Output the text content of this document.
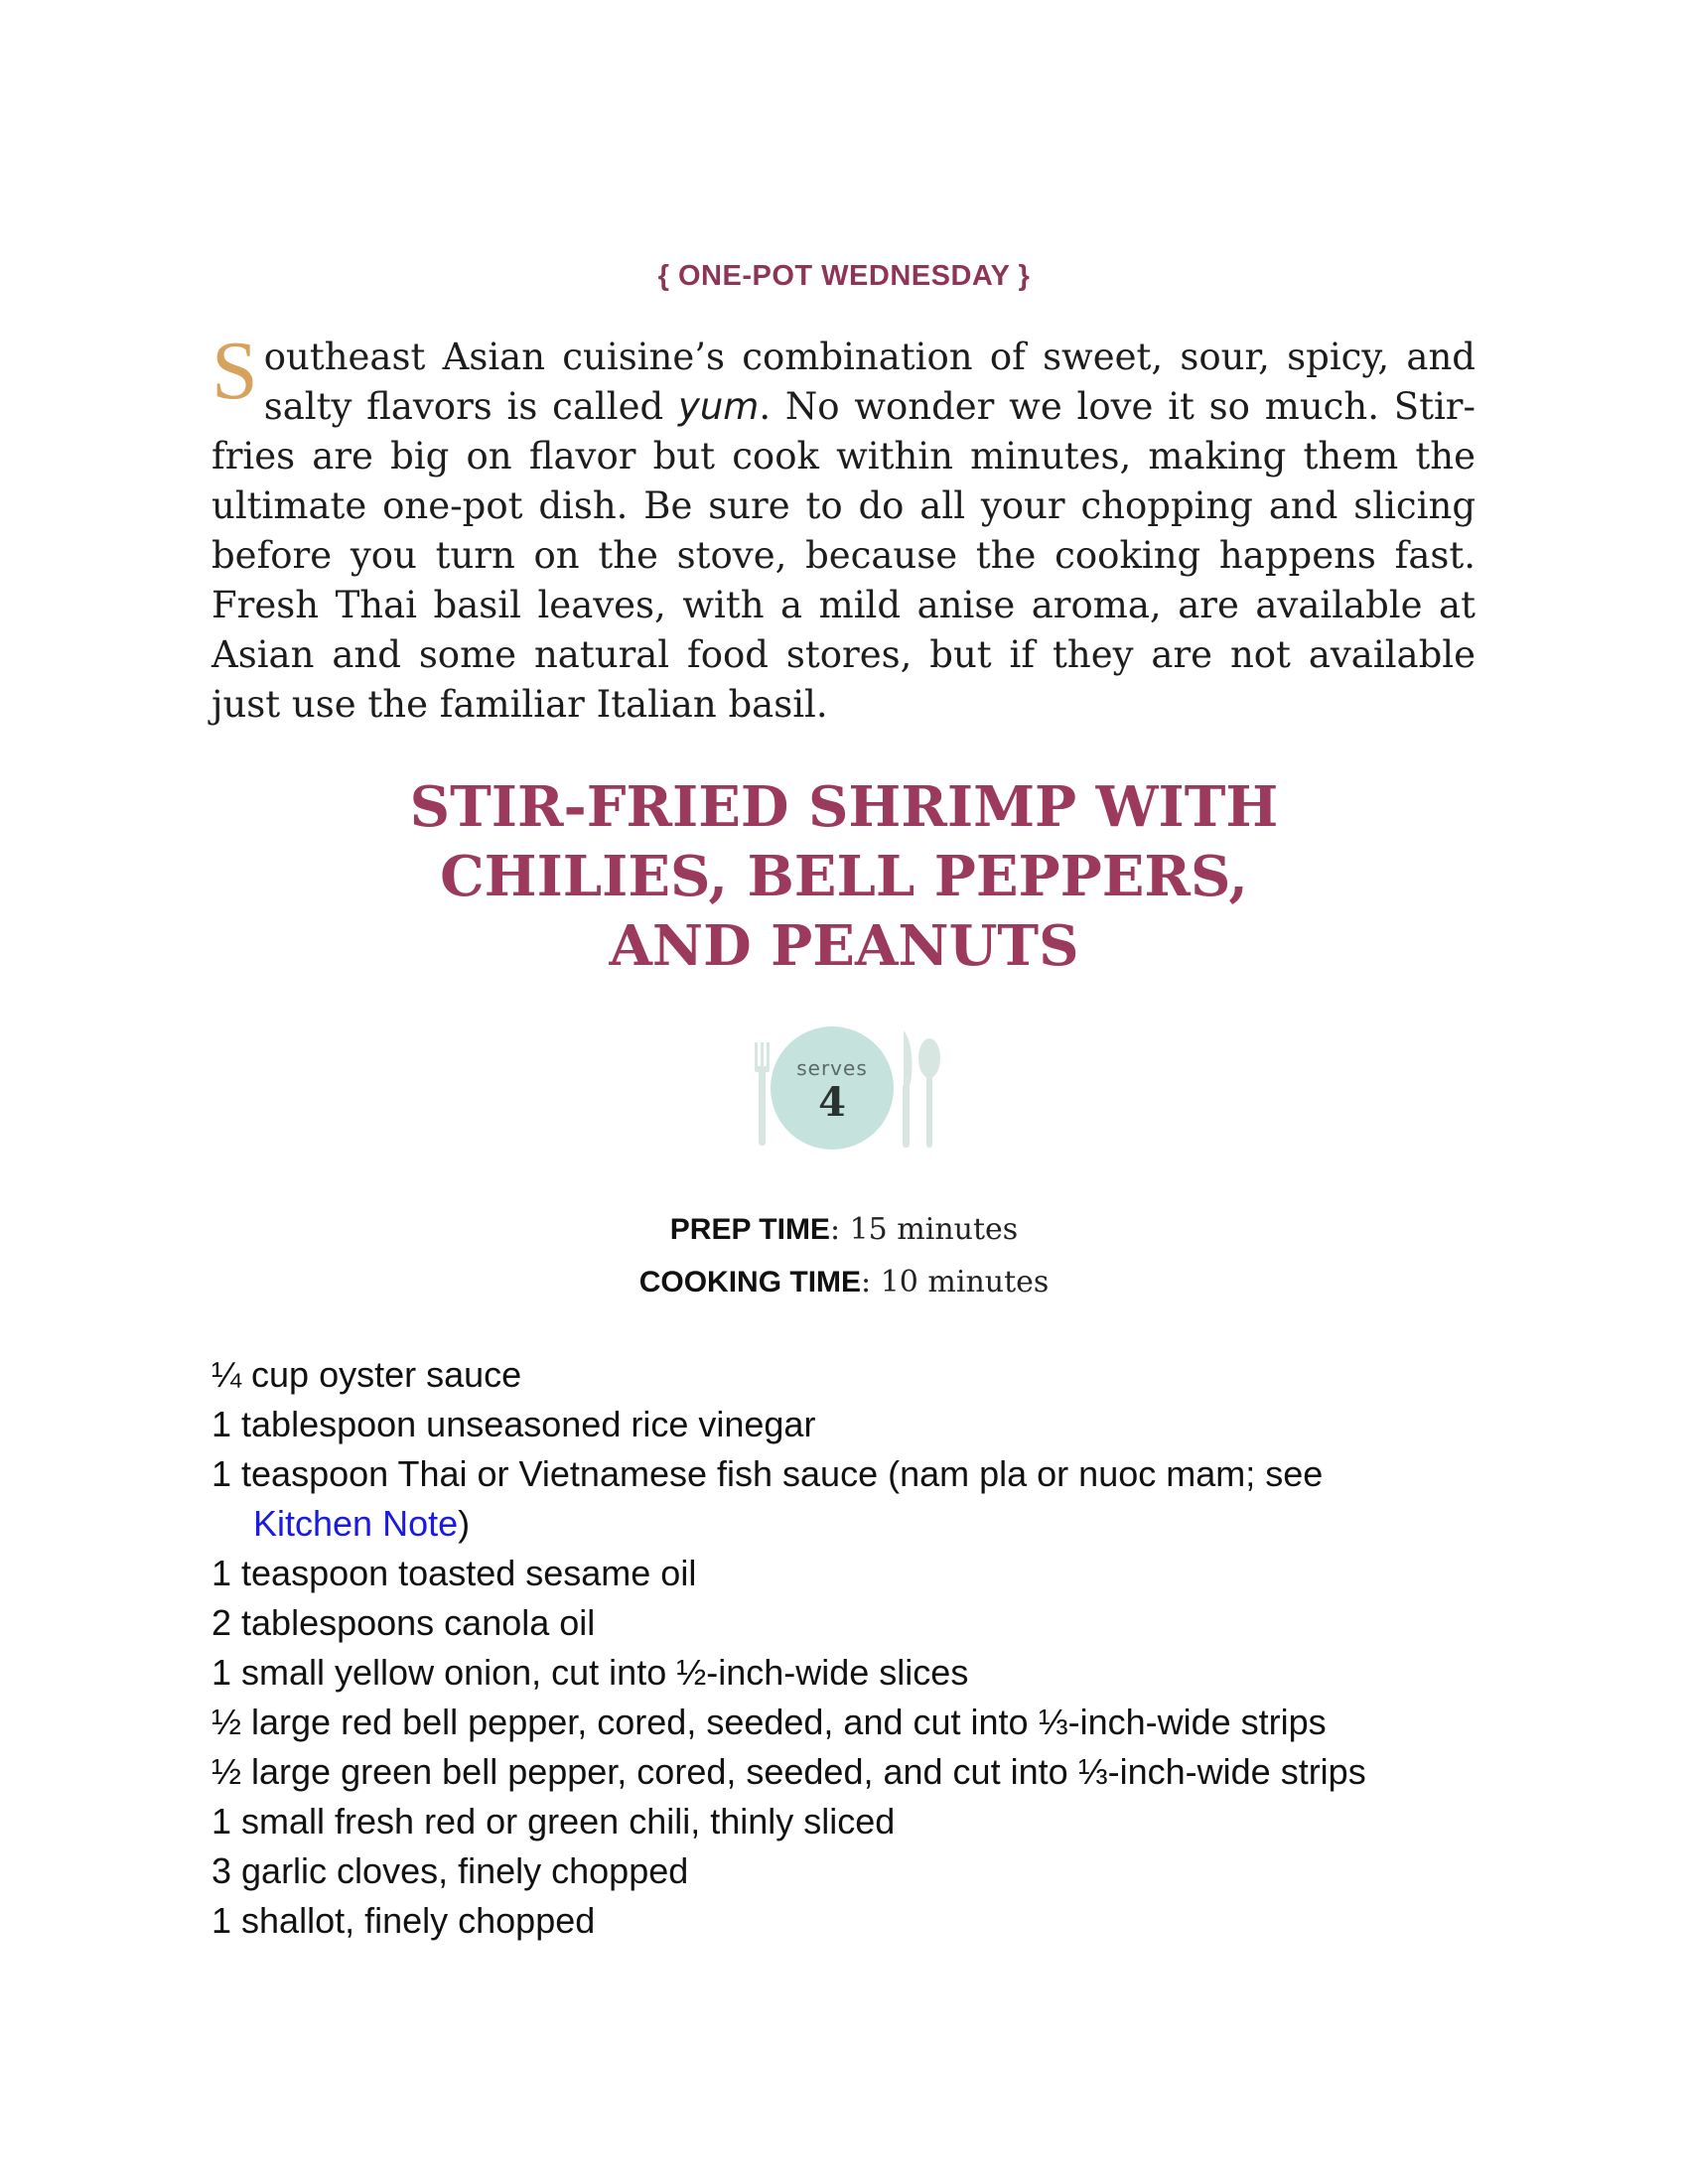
{ ONE-POT WEDNESDAY }
Southeast Asian cuisine’s combination of sweet, sour, spicy, and salty flavors is called yum. No wonder we love it so much. Stir-fries are big on flavor but cook within minutes, making them the ultimate one-pot dish. Be sure to do all your chopping and slicing before you turn on the stove, because the cooking happens fast. Fresh Thai basil leaves, with a mild anise aroma, are available at Asian and some natural food stores, but if they are not available just use the familiar Italian basil.
STIR-FRIED SHRIMP WITH
CHILIES, BELL PEPPERS,
AND PEANUTS
serves
4
PREP TIME: 15 minutes
COOKING TIME: 10 minutes
¼ cup oyster sauce
1 tablespoon unseasoned rice vinegar
1 teaspoon Thai or Vietnamese fish sauce (nam pla or nuoc mam; see
Kitchen Note)
1 teaspoon toasted sesame oil
2 tablespoons canola oil
1 small yellow onion, cut into ½-inch-wide slices
½ large red bell pepper, cored, seeded, and cut into ⅓-inch-wide strips
½ large green bell pepper, cored, seeded, and cut into ⅓-inch-wide strips
1 small fresh red or green chili, thinly sliced
3 garlic cloves, finely chopped
1 shallot, finely chopped
